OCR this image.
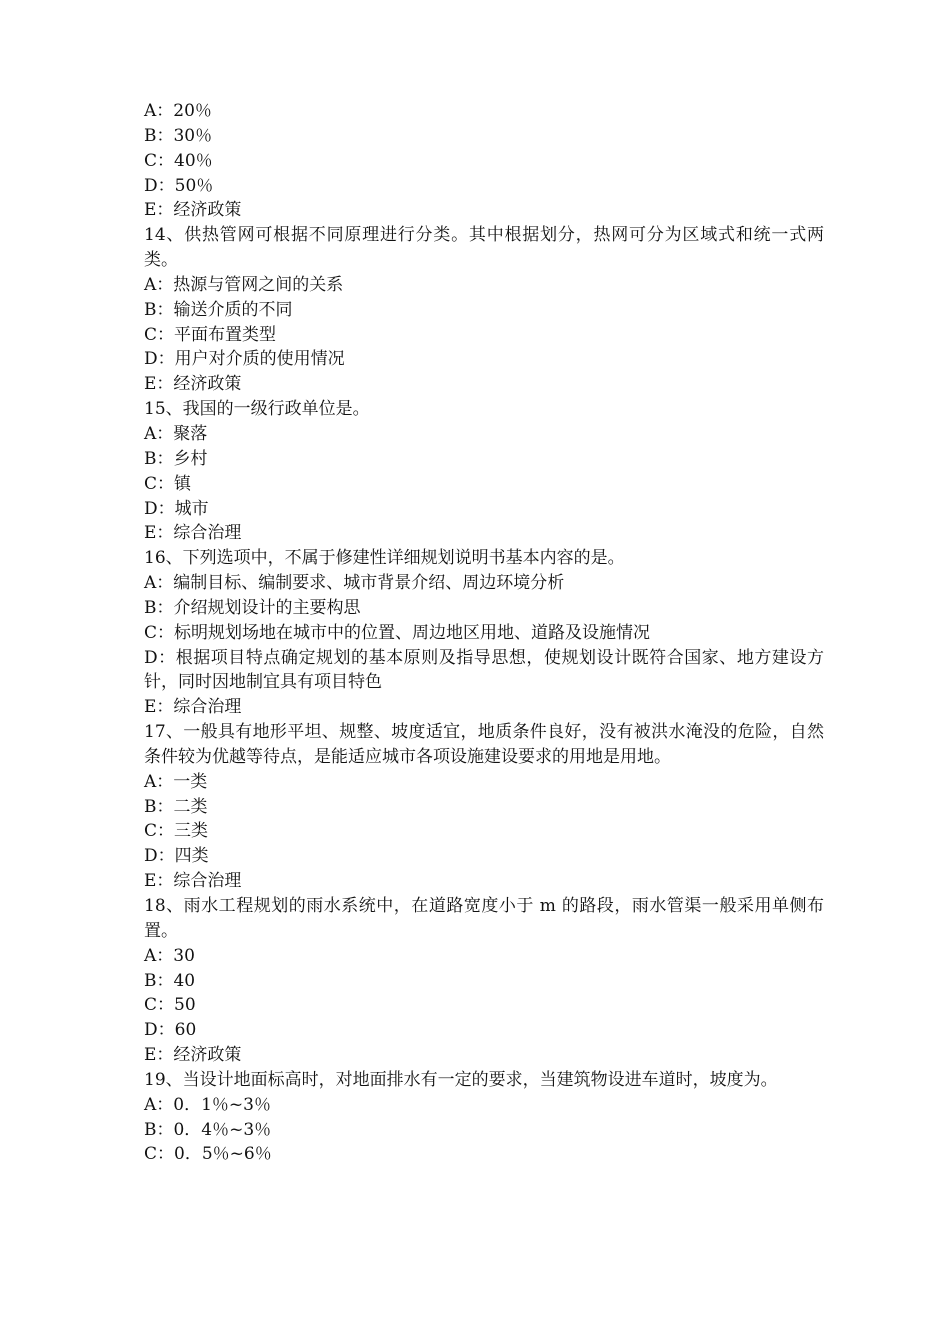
A：20％
B：30％
C：40％
D：50％
E：经济政策
14、供热管网可根据不同原理进行分类。其中根据划分，热网可分为区域式和统一式两类。
A：热源与管网之间的关系
B：输送介质的不同
C：平面布置类型
D：用户对介质的使用情况
E：经济政策
15、我国的一级行政单位是。
A：聚落
B：乡村
C：镇
D：城市
E：综合治理
16、下列选项中，不属于修建性详细规划说明书基本内容的是。
A：编制目标、编制要求、城市背景介绍、周边环境分析
B：介绍规划设计的主要构思
C：标明规划场地在城市中的位置、周边地区用地、道路及设施情况
D：根据项目特点确定规划的基本原则及指导思想，使规划设计既符合国家、地方建设方针，同时因地制宜具有项目特色
E：综合治理
17、一般具有地形平坦、规整、坡度适宜，地质条件良好，没有被洪水淹没的危险，自然条件较为优越等待点，是能适应城市各项设施建设要求的用地是用地。
A：一类
B：二类
C：三类
D：四类
E：综合治理
18、雨水工程规划的雨水系统中，在道路宽度小于 m 的路段，雨水管渠一般采用单侧布置。
A：30
B：40
C：50
D：60
E：经济政策
19、当设计地面标高时，对地面排水有一定的要求，当建筑物设进车道时，坡度为。
A：0．1％~3％
B：0．4％~3％
C：0．5％~6％
